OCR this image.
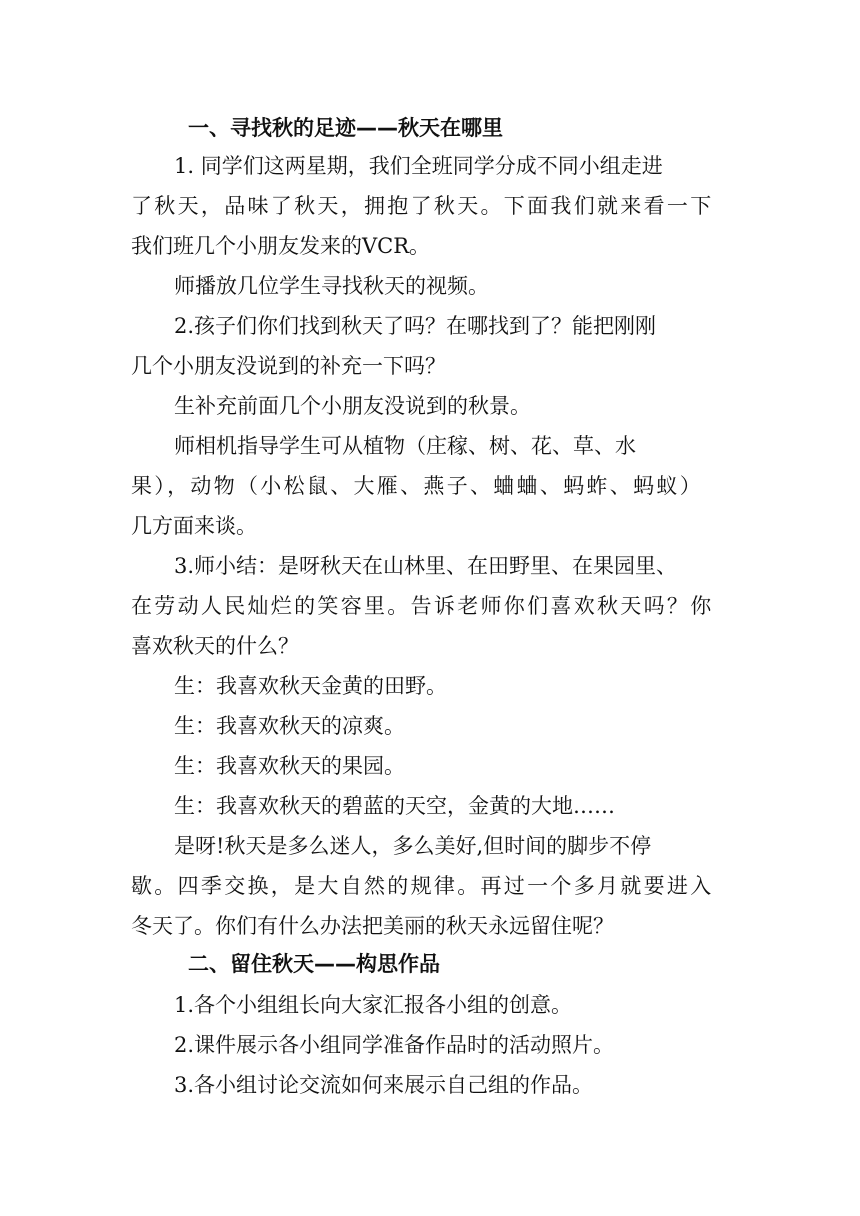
一、寻找秋的足迹——秋天在哪里
1. 同学们这两星期，我们全班同学分成不同小组走进
了秋天，品味了秋天，拥抱了秋天。下面我们就来看一下
我们班几个小朋友发来的VCR。
师播放几位学生寻找秋天的视频。
2.孩子们你们找到秋天了吗？在哪找到了？能把刚刚
几个小朋友没说到的补充一下吗？
生补充前面几个小朋友没说到的秋景。
师相机指导学生可从植物（庄稼、树、花、草、水
果），动物（小松鼠、大雁、燕子、蛐蛐、蚂蚱、蚂蚁）
几方面来谈。
3.师小结：是呀秋天在山林里、在田野里、在果园里、
在劳动人民灿烂的笑容里。告诉老师你们喜欢秋天吗？你
喜欢秋天的什么？
生：我喜欢秋天金黄的田野。
生：我喜欢秋天的凉爽。
生：我喜欢秋天的果园。
生：我喜欢秋天的碧蓝的天空，金黄的大地……
是呀!秋天是多么迷人，多么美好,但时间的脚步不停
歇。四季交换，是大自然的规律。再过一个多月就要进入
冬天了。你们有什么办法把美丽的秋天永远留住呢？
二、留住秋天——构思作品
1.各个小组组长向大家汇报各小组的创意。
2.课件展示各小组同学准备作品时的活动照片。
3.各小组讨论交流如何来展示自己组的作品。
